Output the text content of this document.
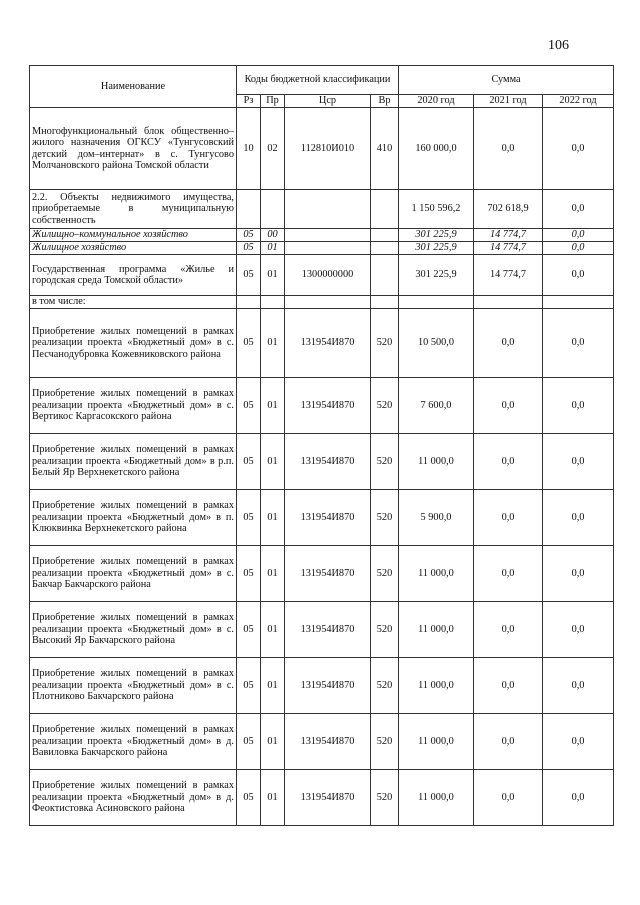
106
Наименование	Коды бюджетной классификации				Сумма		
	Рз	Пр	Цср	Вр	2020 год	2021 год	2022 год
Многофункциональный блок общественно–жилого назначения ОГКСУ «Тунгусовский детский дом–интернат» в с. Тунгусово Молчановского района Томской области	10	02	112810И010	410	160 000,0	0,0	0,0
2.2. Объекты недвижимого имущества, приобретаемые в муниципальную собственность					1 150 596,2	702 618,9	0,0
Жилищно–коммунальное хозяйство	05	00			301 225,9	14 774,7	0,0
Жилищное хозяйство	05	01			301 225,9	14 774,7	0,0
Государственная программа «Жилье и городская среда Томской области»	05	01	1300000000		301 225,9	14 774,7	0,0
в том числе:							
Приобретение жилых помещений в рамках реализации проекта «Бюджетный дом» в с. Песчанодубровка Кожевниковского района	05	01	131954И870	520	10 500,0	0,0	0,0
Приобретение жилых помещений в рамках реализации проекта «Бюджетный дом» в с. Вертикос Каргасокского района	05	01	131954И870	520	7 600,0	0,0	0,0
Приобретение жилых помещений в рамках реализации проекта «Бюджетный дом» в р.п. Белый Яр Верхнекетского района	05	01	131954И870	520	11 000,0	0,0	0,0
Приобретение жилых помещений в рамках реализации проекта «Бюджетный дом» в п. Клюквинка Верхнекетского района	05	01	131954И870	520	5 900,0	0,0	0,0
Приобретение жилых помещений в рамках реализации проекта «Бюджетный дом» в с. Бакчар Бакчарского района	05	01	131954И870	520	11 000,0	0,0	0,0
Приобретение жилых помещений в рамках реализации проекта «Бюджетный дом» в с. Высокий Яр Бакчарского района	05	01	131954И870	520	11 000,0	0,0	0,0
Приобретение жилых помещений в рамках реализации проекта «Бюджетный дом» в с. Плотниково Бакчарского района	05	01	131954И870	520	11 000,0	0,0	0,0
Приобретение жилых помещений в рамках реализации проекта «Бюджетный дом» в д. Вавиловка Бакчарского района	05	01	131954И870	520	11 000,0	0,0	0,0
Приобретение жилых помещений в рамках реализации проекта «Бюджетный дом» в д. Феоктистовка Асиновского района	05	01	131954И870	520	11 000,0	0,0	0,0
